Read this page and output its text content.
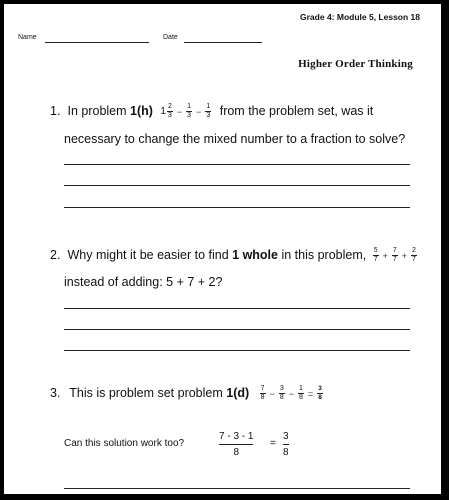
Grade 4: Module 5, Lesson 18
Name	Date
Higher Order Thinking
1. In problem 1(h) $1 \frac{2}{3} - \frac{1}{3} - \frac{1}{3}$ from the problem set, was it
necessary to change the mixed number to a fraction to solve?
2. Why might it be easier to find 1 whole in this problem, $\frac{5}{7} + \frac{7}{7} + \frac{2}{7}$
instead of adding: 5 + 7 + 2?
3. This is problem set problem $1(d) \frac{7}{8} - \frac{3}{8} - \frac{1}{8} = \frac{3}{8}$
Can this solution work too?
7 - 3 - 1
8
=
3
8
